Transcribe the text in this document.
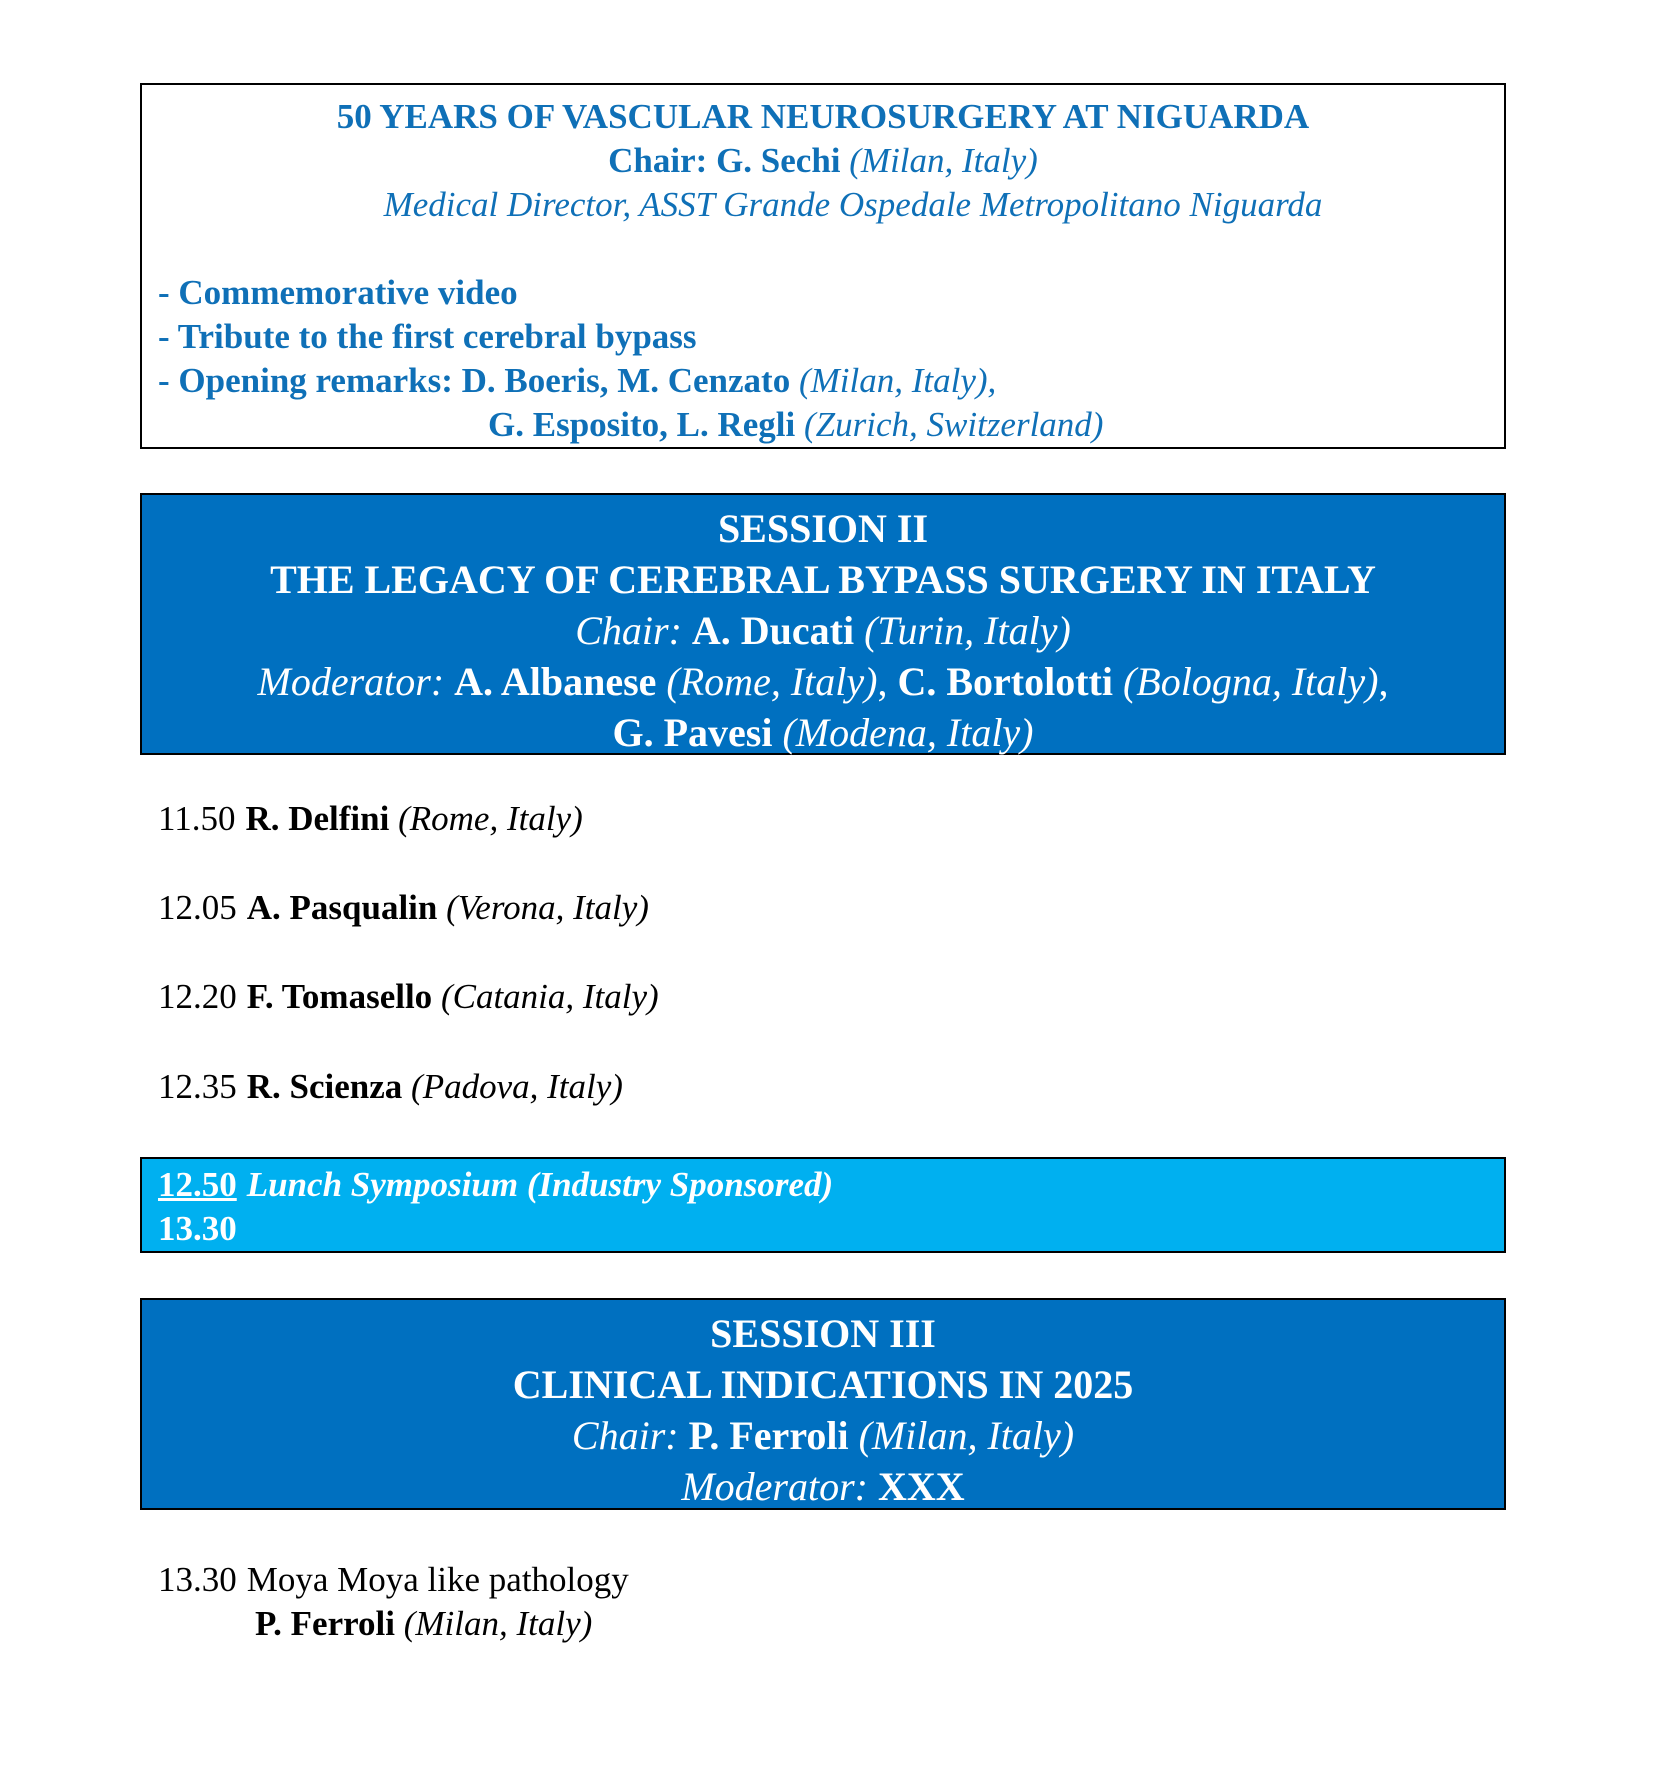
50 YEARS OF VASCULAR NEUROSURGERY AT NIGUARDA
Chair: G. Sechi (Milan, Italy)
Medical Director, ASST Grande Ospedale Metropolitano Niguarda
- Commemorative video
- Tribute to the first cerebral bypass
- Opening remarks: D. Boeris, M. Cenzato (Milan, Italy),
G. Esposito, L. Regli (Zurich, Switzerland)
SESSION II
THE LEGACY OF CEREBRAL BYPASS SURGERY IN ITALY
Chair: A. Ducati (Turin, Italy)
Moderator: A. Albanese (Rome, Italy), C. Bortolotti (Bologna, Italy),
G. Pavesi (Modena, Italy)
11.50 R. Delfini (Rome, Italy)
12.05 A. Pasqualin (Verona, Italy)
12.20 F. Tomasello (Catania, Italy)
12.35 R. Scienza (Padova, Italy)
12.50 Lunch Symposium (Industry Sponsored)
13.30
SESSION III
CLINICAL INDICATIONS IN 2025
Chair: P. Ferroli (Milan, Italy)
Moderator: XXX
13.30 Moya Moya like pathology
P. Ferroli (Milan, Italy)
